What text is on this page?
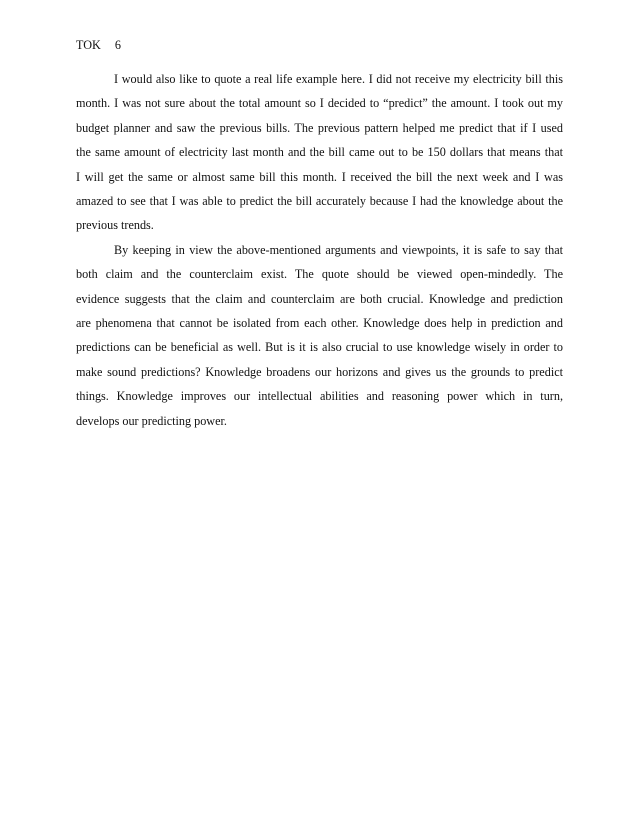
TOK 6

I would also like to quote a real life example here. I did not receive my electricity bill this
month. I was not sure about the total amount so I decided to “predict” the amount. I took out my
budget planner and saw the previous bills. The previous pattern helped me predict that if I used
the same amount of electricity last month and the bill came out to be 150 dollars that means that
I will get the same or almost same bill this month. I received the bill the next week and I was
amazed to see that I was able to predict the bill accurately because I had the knowledge about the
previous trends.

By keeping in view the above-mentioned arguments and viewpoints, it is safe to say that
both claim and the counterclaim exist. The quote should be viewed open-mindedly. The
evidence suggests that the claim and counterclaim are both crucial. Knowledge and prediction
are phenomena that cannot be isolated from each other. Knowledge does help in prediction and
predictions can be beneficial as well. But is it is also crucial to use knowledge wisely in order to
make sound predictions? Knowledge broadens our horizons and gives us the grounds to predict
things. Knowledge improves our intellectual abilities and reasoning power which in turn,
develops our predicting power.
